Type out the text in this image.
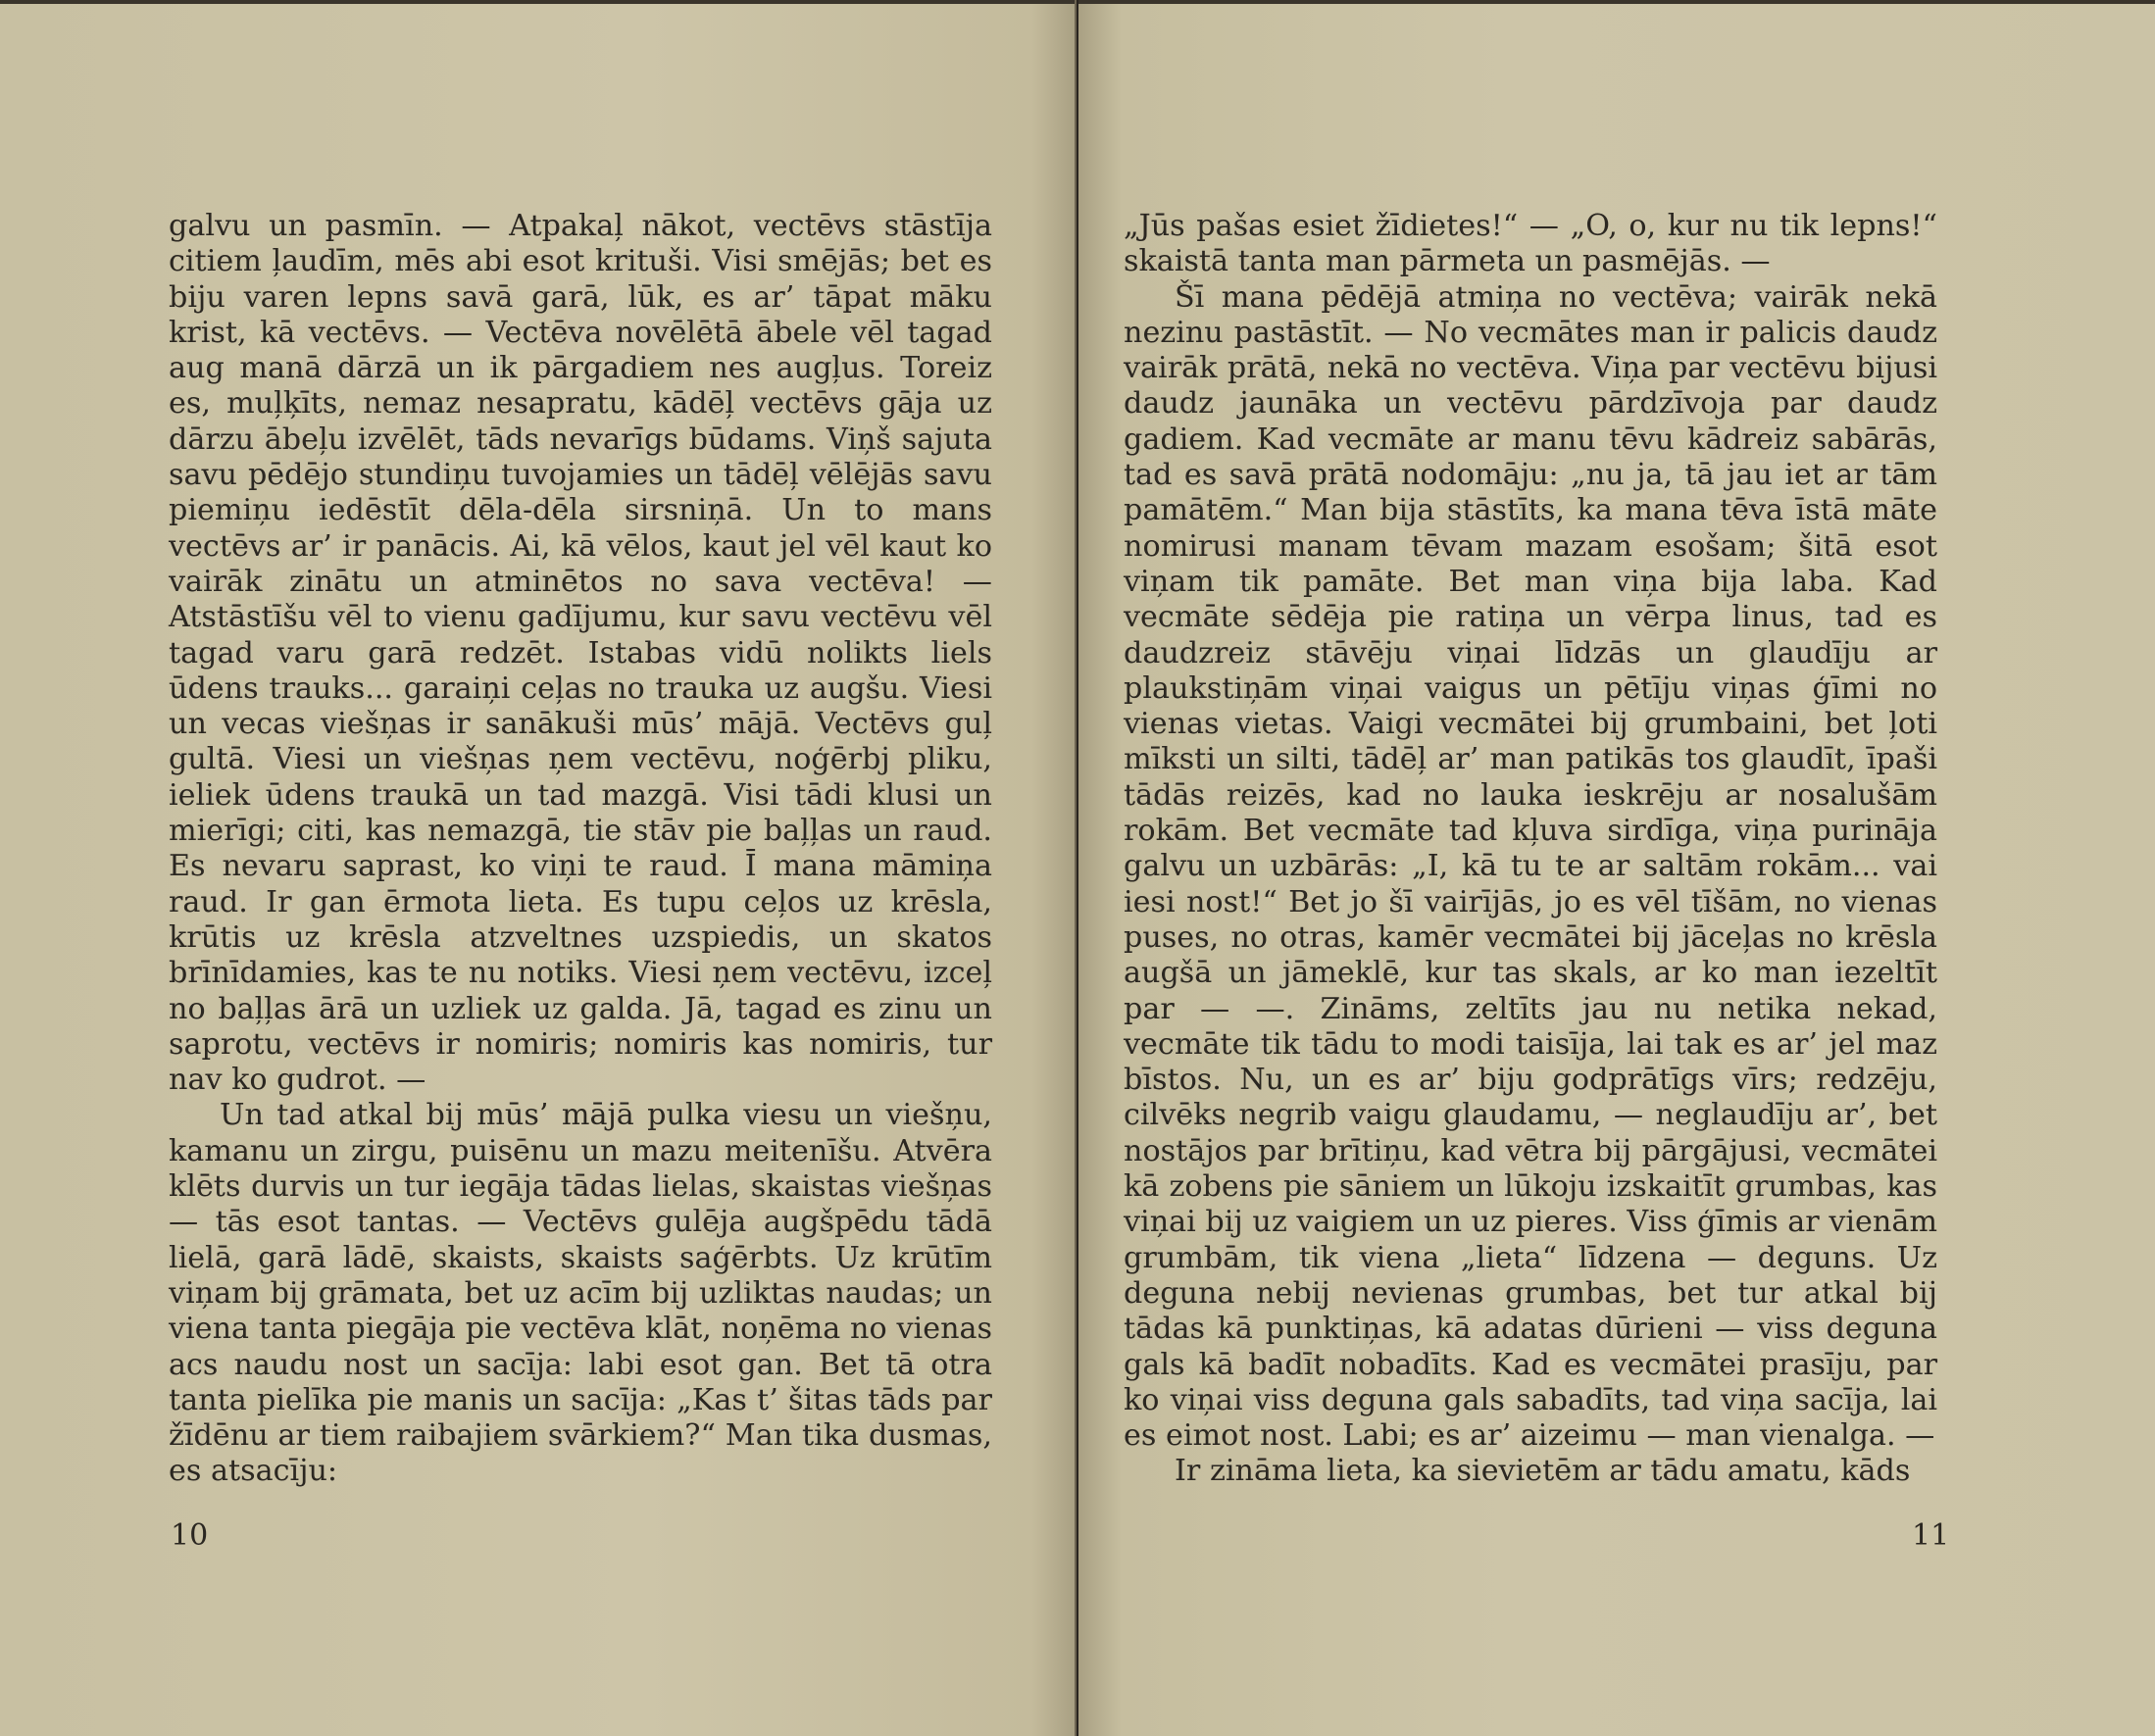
galvu un pasmīn. — Atpakaļ nākot, vectēvs stāstīja citiem ļaudīm, mēs abi esot krituši. Visi smējās; bet es biju varen lepns savā garā, lūk, es ar’ tāpat māku krist, kā vectēvs. — Vectēva novēlētā ābele vēl tagad aug manā dārzā un ik pārgadiem nes augļus. Toreiz es, muļķīts, nemaz nesapratu, kādēļ vectēvs gāja uz dārzu ābeļu izvēlēt, tāds nevarīgs būdams. Viņš sajuta savu pēdējo stundiņu tuvojamies un tādēļ vēlējās savu piemiņu iedēstīt dēla-dēla sirsniņā. Un to mans vectēvs ar’ ir panācis. Ai, kā vēlos, kaut jel vēl kaut ko vairāk zinātu un atminētos no sava vectēva! — Atstāstīšu vēl to vienu gadījumu, kur savu vectēvu vēl tagad varu garā redzēt. Istabas vidū nolikts liels ūdens trauks... garaiņi ceļas no trauka uz augšu. Viesi un vecas viešņas ir sanākuši mūs’ mājā. Vectēvs guļ gultā. Viesi un viešņas ņem vectēvu, noģērbj pliku, ieliek ūdens traukā un tad mazgā. Visi tādi klusi un mierīgi; citi, kas nemazgā, tie stāv pie baļļas un raud. Es nevaru saprast, ko viņi te raud. Ī mana māmiņa raud. Ir gan ērmota lieta. Es tupu ceļos uz krēsla, krūtis uz krēsla atzveltnes uzspiedis, un skatos brīnīdamies, kas te nu notiks. Viesi ņem vectēvu, izceļ no baļļas ārā un uzliek uz galda. Jā, tagad es zinu un saprotu, vectēvs ir nomiris; nomiris kas nomiris, tur nav ko gudrot. —

Un tad atkal bij mūs’ mājā pulka viesu un viešņu, kamanu un zirgu, puisēnu un mazu meitenīšu. Atvēra klēts durvis un tur iegāja tādas lielas, skaistas viešņas — tās esot tantas. — Vectēvs gulēja augšpēdu tādā lielā, garā lādē, skaists, skaists saģērbts. Uz krūtīm viņam bij grāmata, bet uz acīm bij uzliktas naudas; un viena tanta piegāja pie vectēva klāt, noņēma no vienas acs naudu nost un sacīja: labi esot gan. Bet tā otra tanta pielīka pie manis un sacīja: „Kas t’ šitas tāds par žīdēnu ar tiem raibajiem svārkiem?“ Man tika dusmas, es atsacīju:

10

„Jūs pašas esiet žīdietes!“ — „O, o, kur nu tik lepns!“ skaistā tanta man pārmeta un pasmējās. —

Šī mana pēdējā atmiņa no vectēva; vairāk nekā nezinu pastāstīt. — No vecmātes man ir palicis daudz vairāk prātā, nekā no vectēva. Viņa par vectēvu bijusi daudz jaunāka un vectēvu pārdzīvoja par daudz gadiem. Kad vecmāte ar manu tēvu kādreiz sabārās, tad es savā prātā nodomāju: „nu ja, tā jau iet ar tām pamātēm.“ Man bija stāstīts, ka mana tēva īstā māte nomirusi manam tēvam mazam esošam; šitā esot viņam tik pamāte. Bet man viņa bija laba. Kad vecmāte sēdēja pie ratiņa un vērpa linus, tad es daudzreiz stāvēju viņai līdzās un glaudīju ar plaukstiņām viņai vaigus un pētīju viņas ģīmi no vienas vietas. Vaigi vecmātei bij grumbaini, bet ļoti mīksti un silti, tādēļ ar’ man patikās tos glaudīt, īpaši tādās reizēs, kad no lauka ieskrēju ar nosalušām rokām. Bet vecmāte tad kļuva sirdīga, viņa purināja galvu un uzbārās: „I, kā tu te ar saltām rokām... vai iesi nost!“ Bet jo šī vairījās, jo es vēl tīšām, no vienas puses, no otras, kamēr vecmātei bij jāceļas no krēsla augšā un jāmeklē, kur tas skals, ar ko man iezeltīt par — —. Zināms, zeltīts jau nu netika nekad, vecmāte tik tādu to modi taisīja, lai tak es ar’ jel maz bīstos. Nu, un es ar’ biju godprātīgs vīrs; redzēju, cilvēks negrib vaigu glaudamu, — neglaudīju ar’, bet nostājos par brītiņu, kad vētra bij pārgājusi, vecmātei kā zobens pie sāniem un lūkoju izskaitīt grumbas, kas viņai bij uz vaigiem un uz pieres. Viss ģīmis ar vienām grumbām, tik viena „lieta“ līdzena — deguns. Uz deguna nebij nevienas grumbas, bet tur atkal bij tādas kā punktiņas, kā adatas dūrieni — viss deguna gals kā badīt nobadīts. Kad es vecmātei prasīju, par ko viņai viss deguna gals sabadīts, tad viņa sacīja, lai es eimot nost. Labi; es ar’ aizeimu — man vienalga. —

Ir zināma lieta, ka sievietēm ar tādu amatu, kāds

11
